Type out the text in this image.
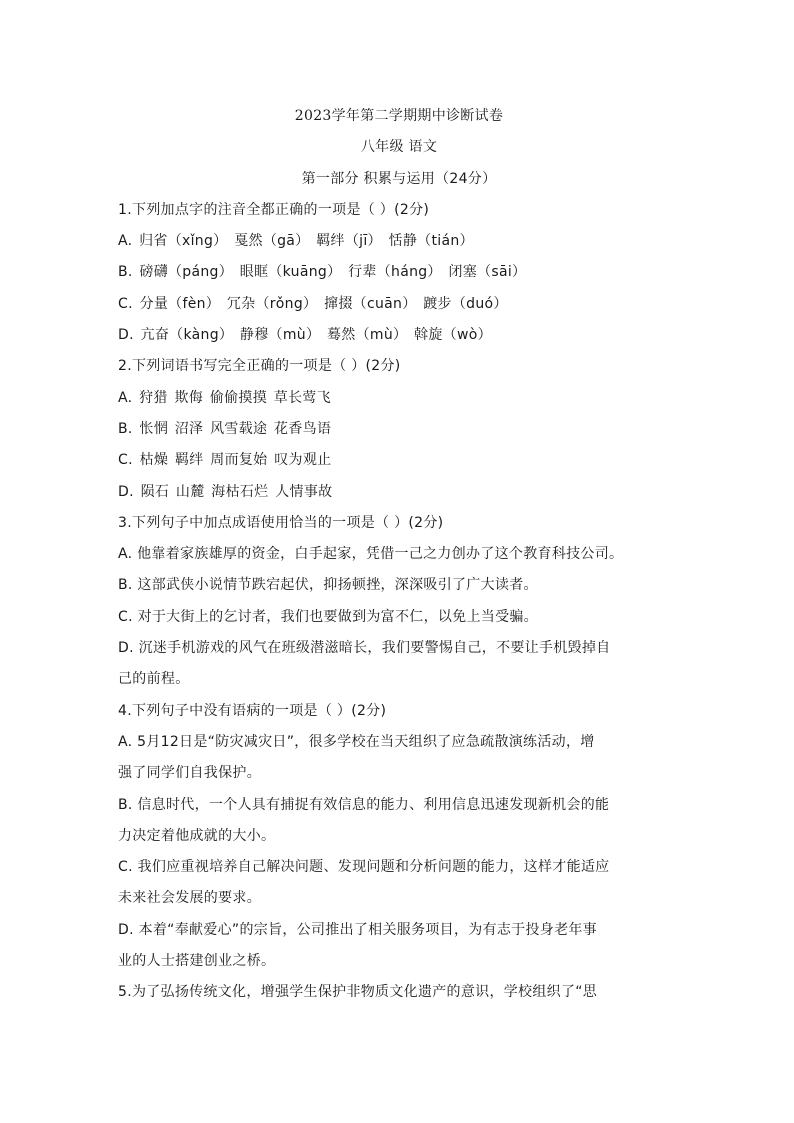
2023学年第二学期期中诊断试卷
八年级 语文
第一部分 积累与运用（24分）
1.下列加点字的注音全都正确的一项是（ ）(2分)
A. 归省（xǐng） 戛然（gā） 羁绊（jī） 恬静（tián）
B. 磅礴（páng） 眼眶（kuāng） 行辈（háng） 闭塞（sāi）
C. 分量（fèn） 冗杂（rǒng） 撺掇（cuān） 踱步（duó）
D. 亢奋（kàng） 静穆（mù） 蓦然（mù） 斡旋（wò）
2.下列词语书写完全正确的一项是（ ）(2分)
A. 狩猎 欺侮 偷偷摸摸 草长莺飞
B. 怅惘 沼泽 风雪载途 花香鸟语
C. 枯燥 羁绊 周而复始 叹为观止
D. 陨石 山麓 海枯石烂 人情事故
3.下列句子中加点成语使用恰当的一项是（ ）(2分)
A. 他靠着家族雄厚的资金，白手起家，凭借一己之力创办了这个教育科技公司。
B. 这部武侠小说情节跌宕起伏，抑扬顿挫，深深吸引了广大读者。
C. 对于大街上的乞讨者，我们也要做到为富不仁，以免上当受骗。
D. 沉迷手机游戏的风气在班级潜滋暗长，我们要警惕自己，不要让手机毁掉自
己的前程。
4.下列句子中没有语病的一项是（ ）(2分)
A. 5月12日是“防灾减灾日”，很多学校在当天组织了应急疏散演练活动，增
强了同学们自我保护。
B. 信息时代，一个人具有捕捉有效信息的能力、利用信息迅速发现新机会的能
力决定着他成就的大小。
C. 我们应重视培养自己解决问题、发现问题和分析问题的能力，这样才能适应
未来社会发展的要求。
D. 本着“奉献爱心”的宗旨，公司推出了相关服务项目，为有志于投身老年事
业的人士搭建创业之桥。
5.为了弘扬传统文化，增强学生保护非物质文化遗产的意识，学校组织了“思
